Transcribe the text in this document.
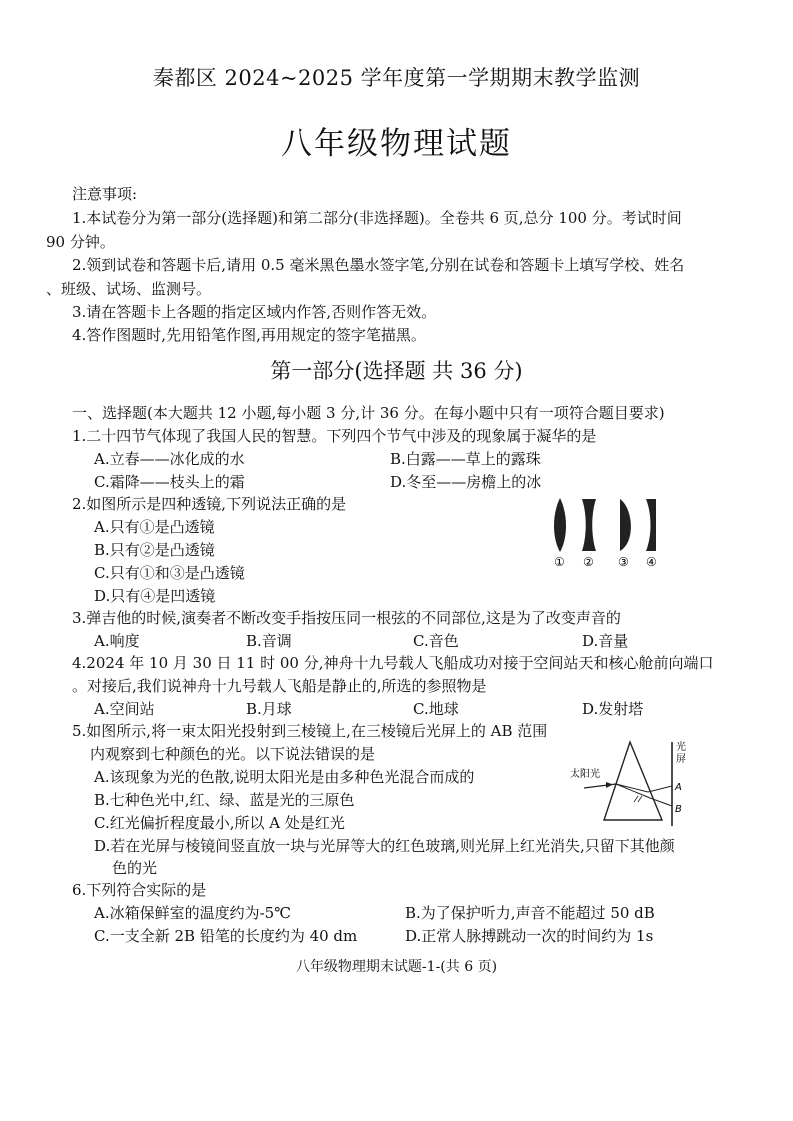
秦都区 2024~2025 学年度第一学期期末教学监测
八年级物理试题
注意事项:
1.本试卷分为第一部分(选择题)和第二部分(非选择题)。全卷共 6 页,总分 100 分。考试时间
90 分钟。
2.领到试卷和答题卡后,请用 0.5 毫米黑色墨水签字笔,分别在试卷和答题卡上填写学校、姓名
、班级、试场、监测号。
3.请在答题卡上各题的指定区域内作答,否则作答无效。
4.答作图题时,先用铅笔作图,再用规定的签字笔描黑。
第一部分(选择题 共 36 分)
一、选择题(本大题共 12 小题,每小题 3 分,计 36 分。在每小题中只有一项符合题目要求)
1.二十四节气体现了我国人民的智慧。下列四个节气中涉及的现象属于凝华的是
A.立春——冰化成的水	B.白露——草上的露珠
C.霜降——枝头上的霜	D.冬至——房檐上的冰
2.如图所示是四种透镜,下列说法正确的是
A.只有①是凸透镜
B.只有②是凸透镜
C.只有①和③是凸透镜
D.只有④是凹透镜
① ② ③ ④
3.弹吉他的时候,演奏者不断改变手指按压同一根弦的不同部位,这是为了改变声音的
A.响度	B.音调	C.音色	D.音量
4.2024 年 10 月 30 日 11 时 00 分,神舟十九号载人飞船成功对接于空间站天和核心舱前向端口
。对接后,我们说神舟十九号载人飞船是静止的,所选的参照物是
A.空间站	B.月球	C.地球	D.发射塔
5.如图所示,将一束太阳光投射到三棱镜上,在三棱镜后光屏上的 AB 范围
内观察到七种颜色的光。以下说法错误的是
A.该现象为光的色散,说明太阳光是由多种色光混合而成的
B.七种色光中,红、绿、蓝是光的三原色
C.红光偏折程度最小,所以 A 处是红光
D.若在光屏与棱镜间竖直放一块与光屏等大的红色玻璃,则光屏上红光消失,只留下其他颜
色的光
太阳光
光
屏
A
B
6.下列符合实际的是
A.冰箱保鲜室的温度约为-5℃	B.为了保护听力,声音不能超过 50 dB
C.一支全新 2B 铅笔的长度约为 40 dm	D.正常人脉搏跳动一次的时间约为 1s
八年级物理期末试题-1-(共 6 页)
